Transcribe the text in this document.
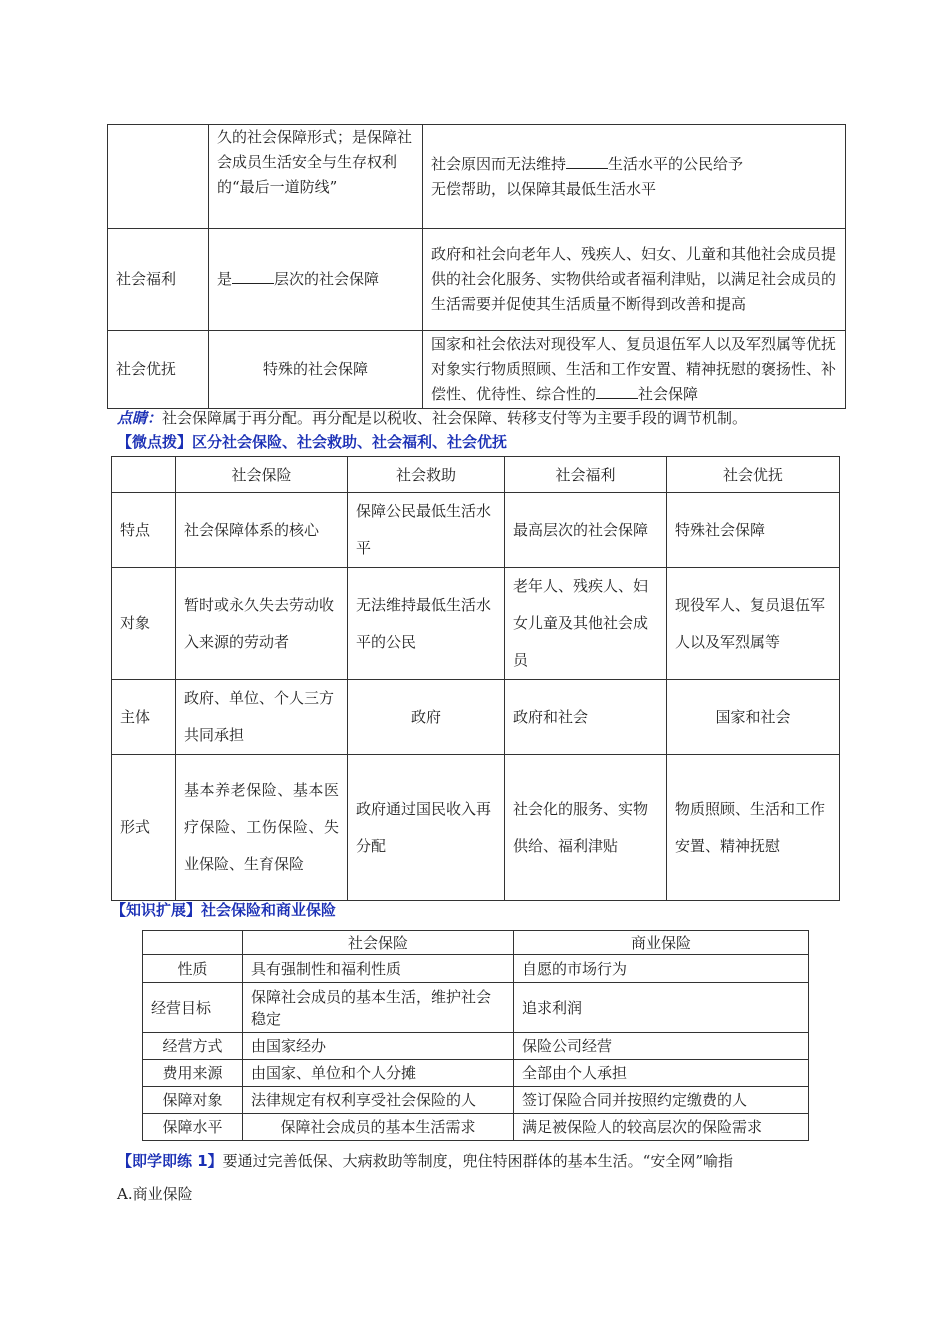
	久的社会保障形式；是保障社会成员生活安全与生存权利的“最后一道防线”	社会原因而无法维持 生活水平的公民给予
无偿帮助，以保障其最低生活水平
社会福利	是 层次的社会保障	政府和社会向老年人、残疾人、妇女、儿童和其他社会成员提供的社会化服务、实物供给或者福利津贴，以满足社会成员的生活需要并促使其生活质量不断得到改善和提高
社会优抚	特殊的社会保障	国家和社会依法对现役军人、复员退伍军人以及军烈属等优抚对象实行物质照顾、生活和工作安置、精神抚慰的褒扬性、补偿性、优待性、综合性的 社会保障
点睛：社会保障属于再分配。再分配是以税收、社会保障、转移支付等为主要手段的调节机制。
【微点拨】区分社会保险、社会救助、社会福利、社会优抚
	社会保险	社会救助	社会福利	社会优抚
特点	社会保障体系的核心	保障公民最低生活水平	最高层次的社会保障	特殊社会保障
对象	暂时或永久失去劳动收入来源的劳动者	无法维持最低生活水平的公民	老年人、残疾人、妇女儿童及其他社会成员	现役军人、复员退伍军人以及军烈属等
主体	政府、单位、个人三方共同承担	政府	政府和社会	国家和社会
形式	基本养老保险、基本医疗保险、工伤保险、失业保险、生育保险	政府通过国民收入再分配	社会化的服务、实物供给、福利津贴	物质照顾、生活和工作安置、精神抚慰
【知识扩展】社会保险和商业保险
	社会保险	商业保险
性质	具有强制性和福利性质	自愿的市场行为
经营目标	保障社会成员的基本生活，维护社会稳定	追求利润
经营方式	由国家经办	保险公司经营
费用来源	由国家、单位和个人分摊	全部由个人承担
保障对象	法律规定有权利享受社会保险的人	签订保险合同并按照约定缴费的人
保障水平	保障社会成员的基本生活需求	满足被保险人的较高层次的保险需求
【即学即练 1】要通过完善低保、大病救助等制度，兜住特困群体的基本生活。“安全网”喻指
A.商业保险
